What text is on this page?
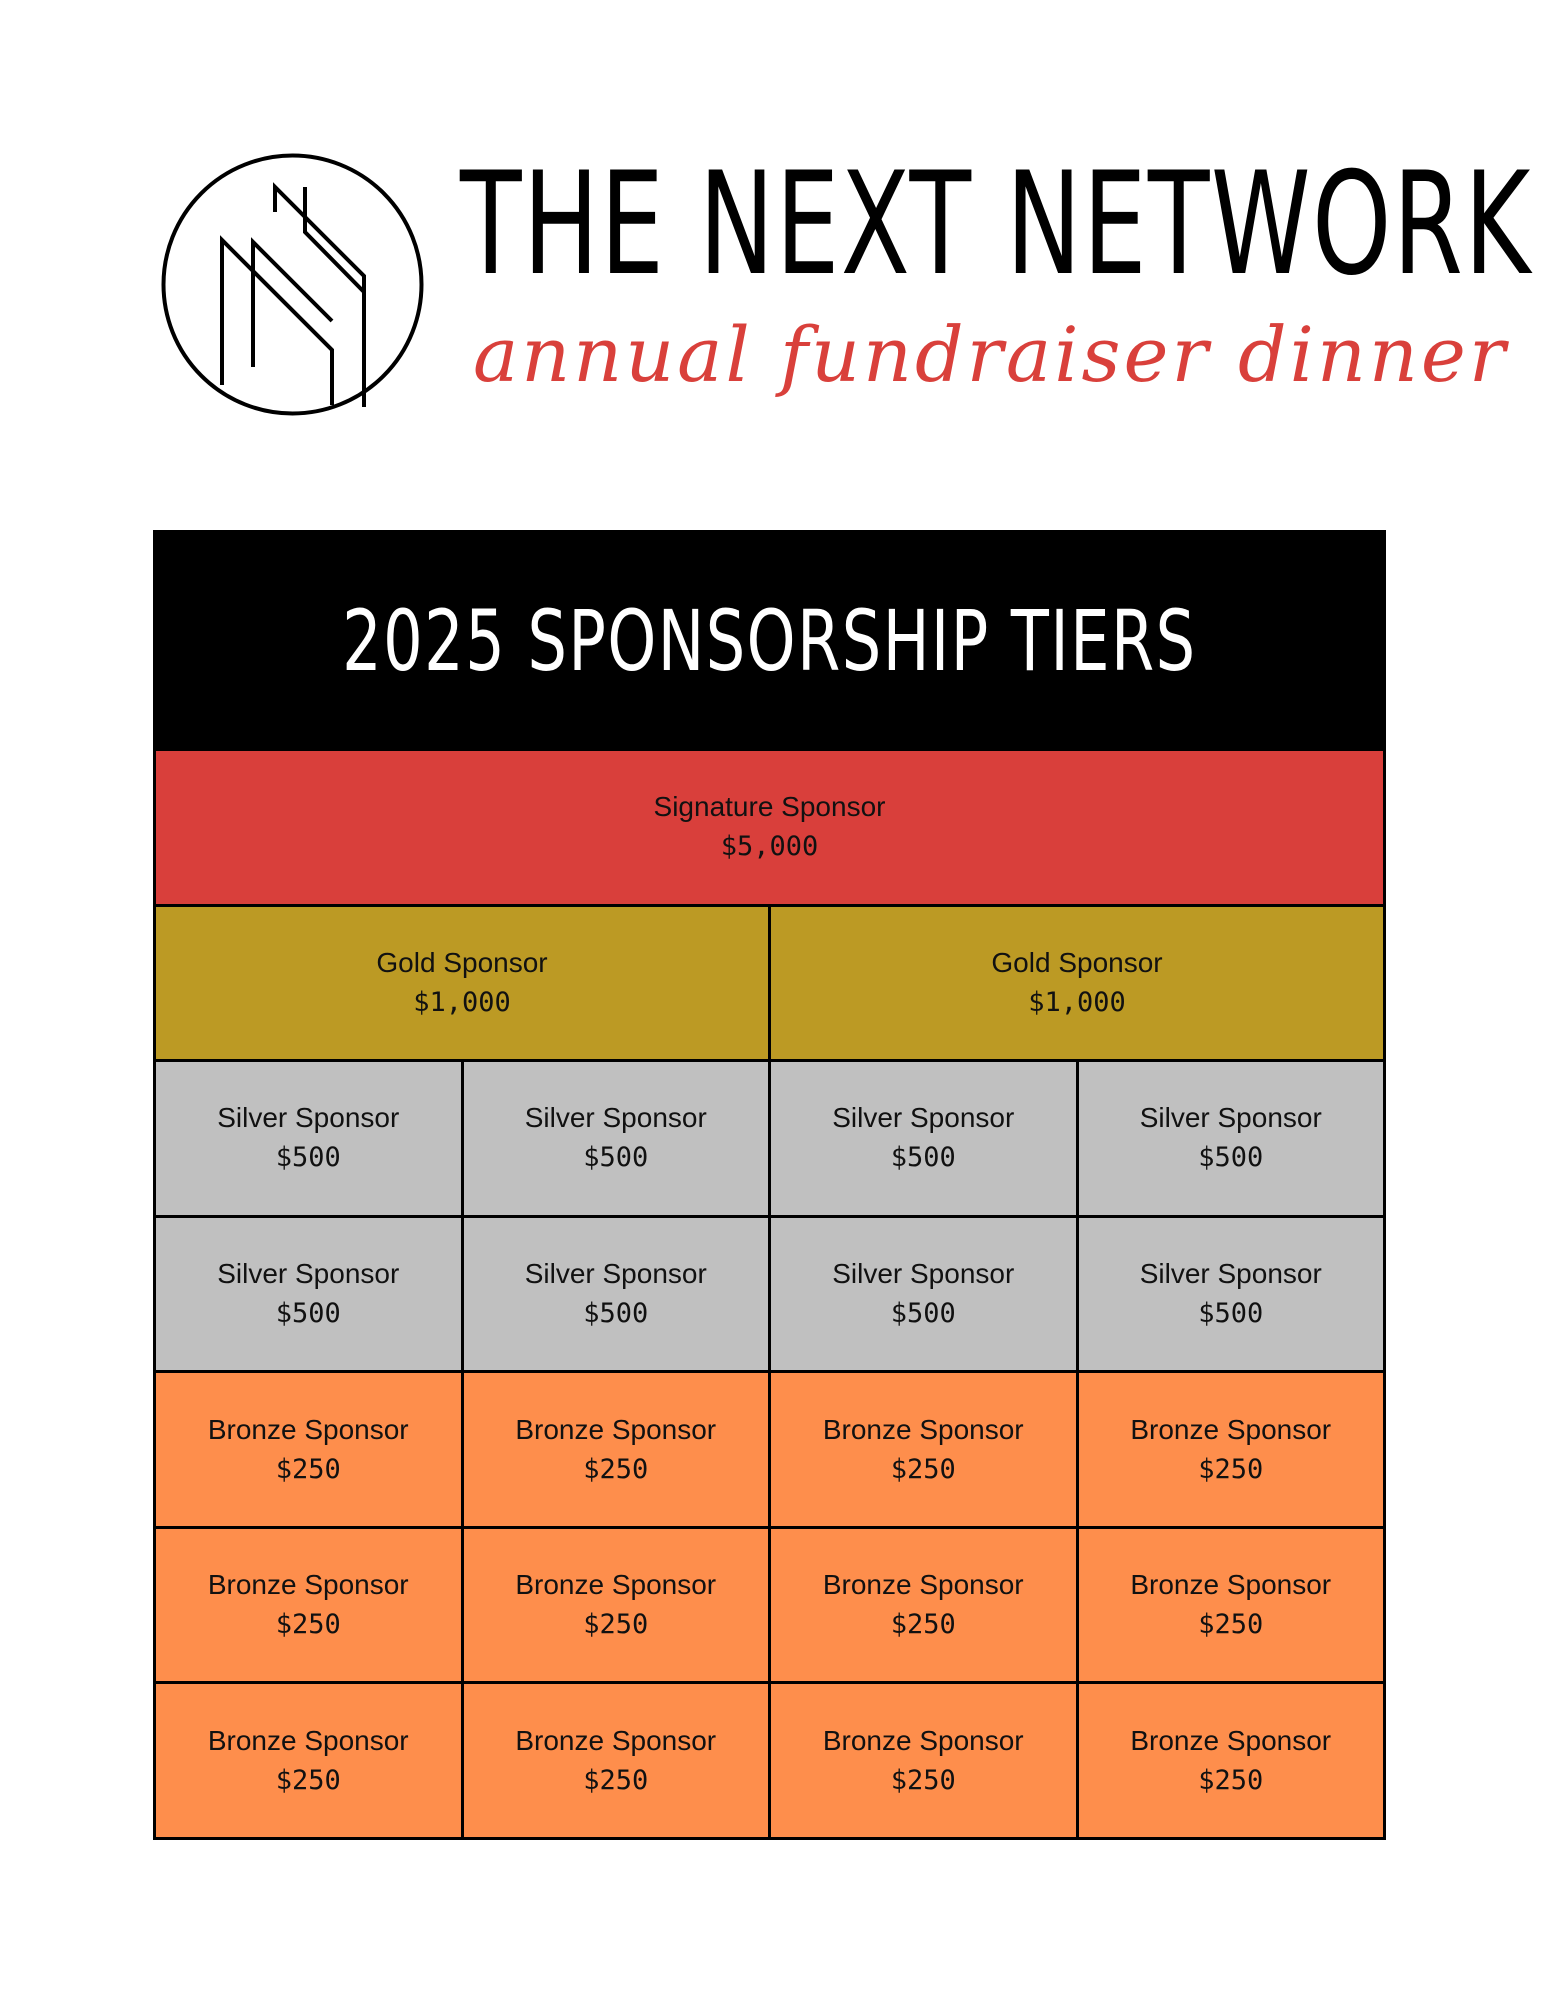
THE NEXT NETWORK
annual fundraiser dinner
2025 SPONSORSHIP TIERS
Signature Sponsor
$5,000
Gold Sponsor
$1,000
Gold Sponsor
$1,000
Silver Sponsor
$500
Silver Sponsor
$500
Silver Sponsor
$500
Silver Sponsor
$500
Silver Sponsor
$500
Silver Sponsor
$500
Silver Sponsor
$500
Silver Sponsor
$500
Bronze Sponsor
$250
Bronze Sponsor
$250
Bronze Sponsor
$250
Bronze Sponsor
$250
Bronze Sponsor
$250
Bronze Sponsor
$250
Bronze Sponsor
$250
Bronze Sponsor
$250
Bronze Sponsor
$250
Bronze Sponsor
$250
Bronze Sponsor
$250
Bronze Sponsor
$250
